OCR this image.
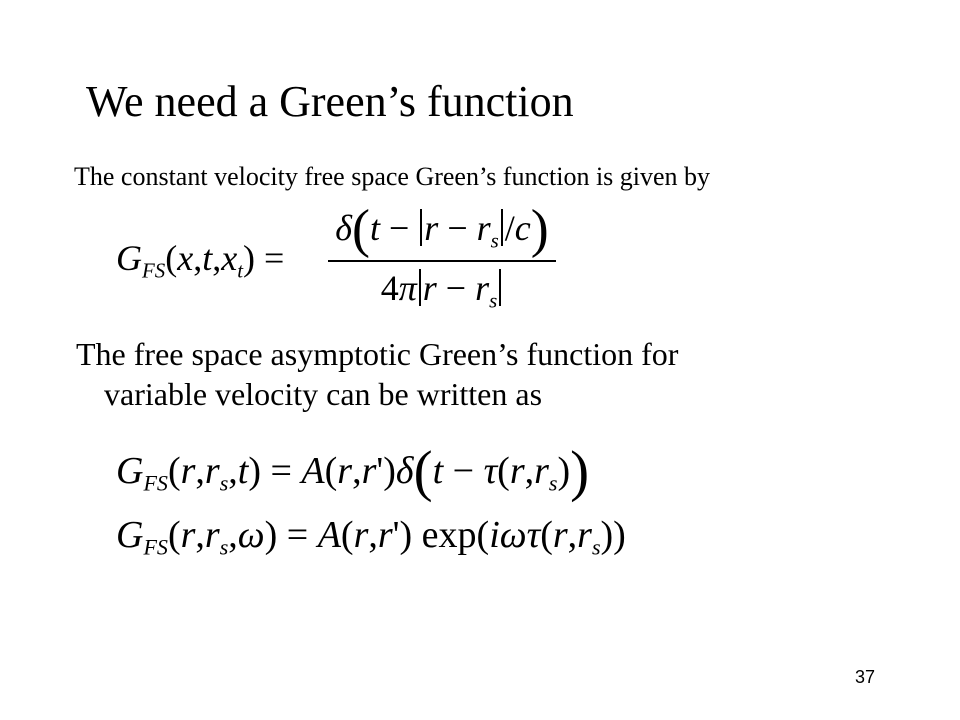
We need a Green’s function
The constant velocity free space Green’s function is given by
$G_{FS}(x,t,x_t)$ =
$\delta(t - r - r_s$ /c)
4π $r - r_s$
The free space asymptotic Green’s function for
variable velocity can be written as
$G_{FS}(r,r_s,t) = A(r,r')\delta(t - \tau(r,r_s))$
$G_{FS}(r,r_s,\omega) = A(r,r')$ $\exp(i\omega\tau(r,r_s))$
37
